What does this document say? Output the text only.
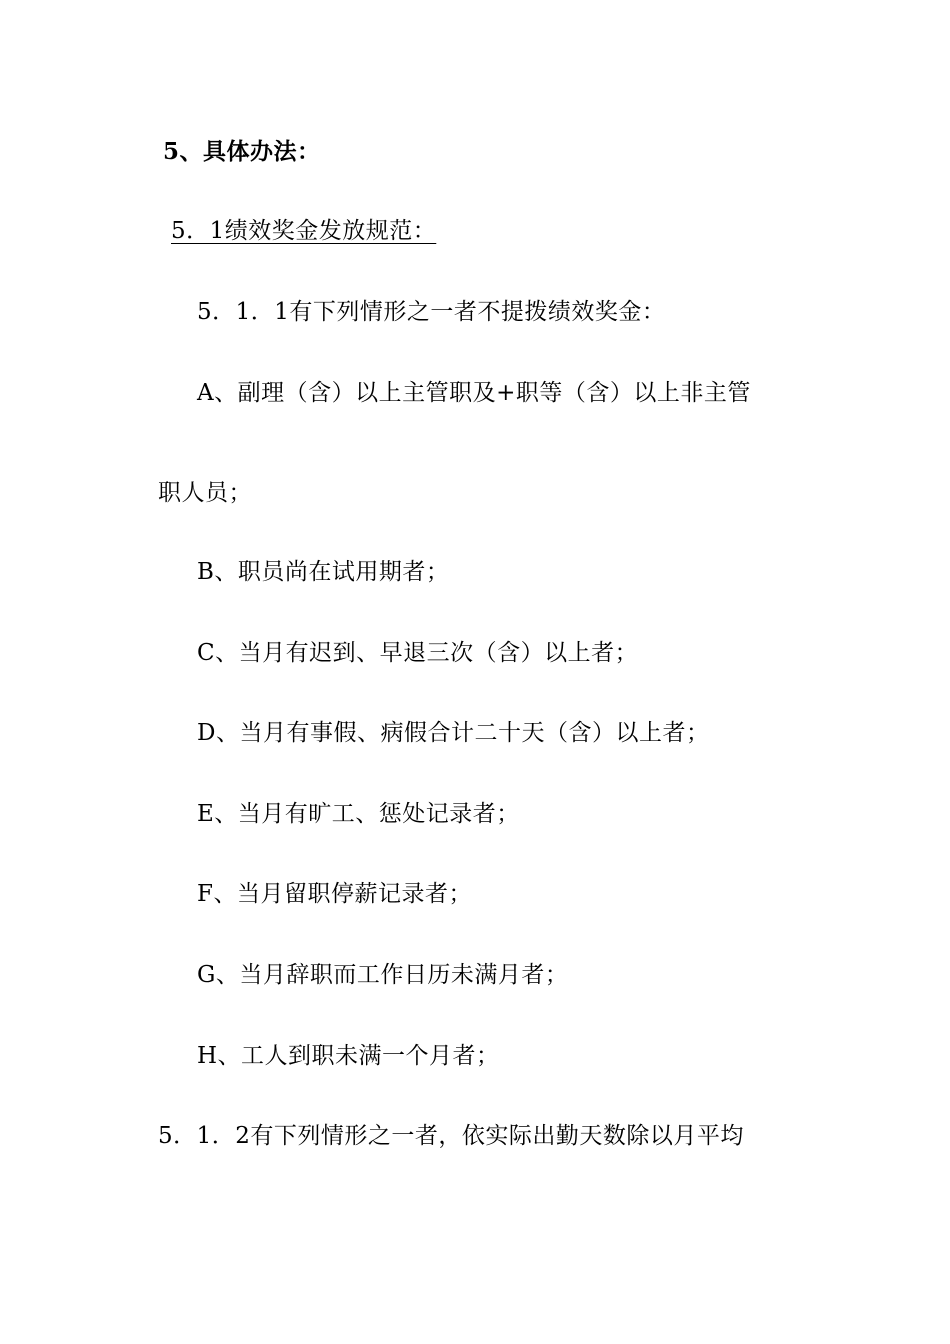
5、具体办法：
5．1绩效奖金发放规范：
5．1．1有下列情形之一者不提拨绩效奖金：
A、副理（含）以上主管职及+职等（含）以上非主管
职人员；
B、职员尚在试用期者；
C、当月有迟到、早退三次（含）以上者；
D、当月有事假、病假合计二十天（含）以上者；
E、当月有旷工、惩处记录者；
F、当月留职停薪记录者；
G、当月辞职而工作日历未满月者；
H、工人到职未满一个月者；
5．1．2有下列情形之一者，依实际出勤天数除以月平均
